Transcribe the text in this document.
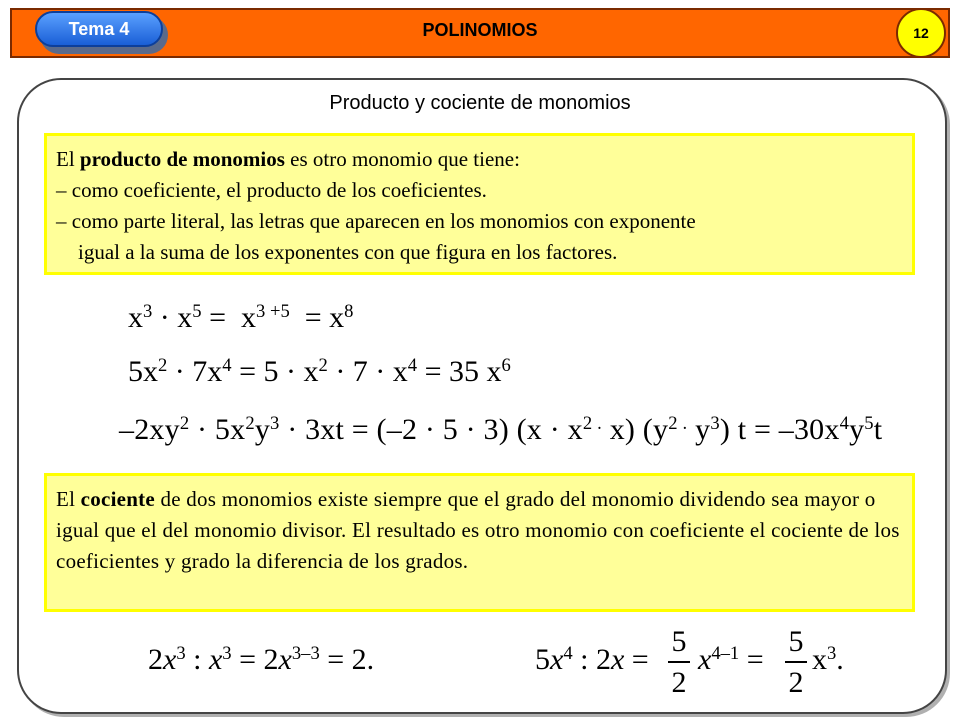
Tema 4	POLINOMIOS	12
Producto y cociente de monomios
El producto de monomios es otro monomio que tiene:
– como coeficiente, el producto de los coeficientes.
– como parte literal, las letras que aparecen en los monomios con exponente
igual a la suma de los exponentes con que figura en los factores.
$x^3 \cdot x^5 = x^{3 +5} = x^8$
$5x^2 \cdot 7x^4 = 5 \cdot x^2 \cdot 7 \cdot x^4 = 35$ $x^6$
$-2xy^2 \cdot 5x^2y^3 \cdot 3xt = (-2 \cdot 5 \cdot 3) (x \cdot x^{2 .}$ x) ($y^{2 .}$ $y^3$) $t = -30x^4y^5t$
El cociente de dos monomios existe siempre que el grado del monomio dividendo sea mayor o igual que el del monomio divisor. El resultado es otro monomio con coeficiente el cociente de los coeficientes y grado la diferencia de los grados.
$2x^3$ : $x^3 = 2x^{3-3} = 2$.	$5x^4$ : 2x =
5
2
$x^{4-1}$ =
5
2
$x^3$.
